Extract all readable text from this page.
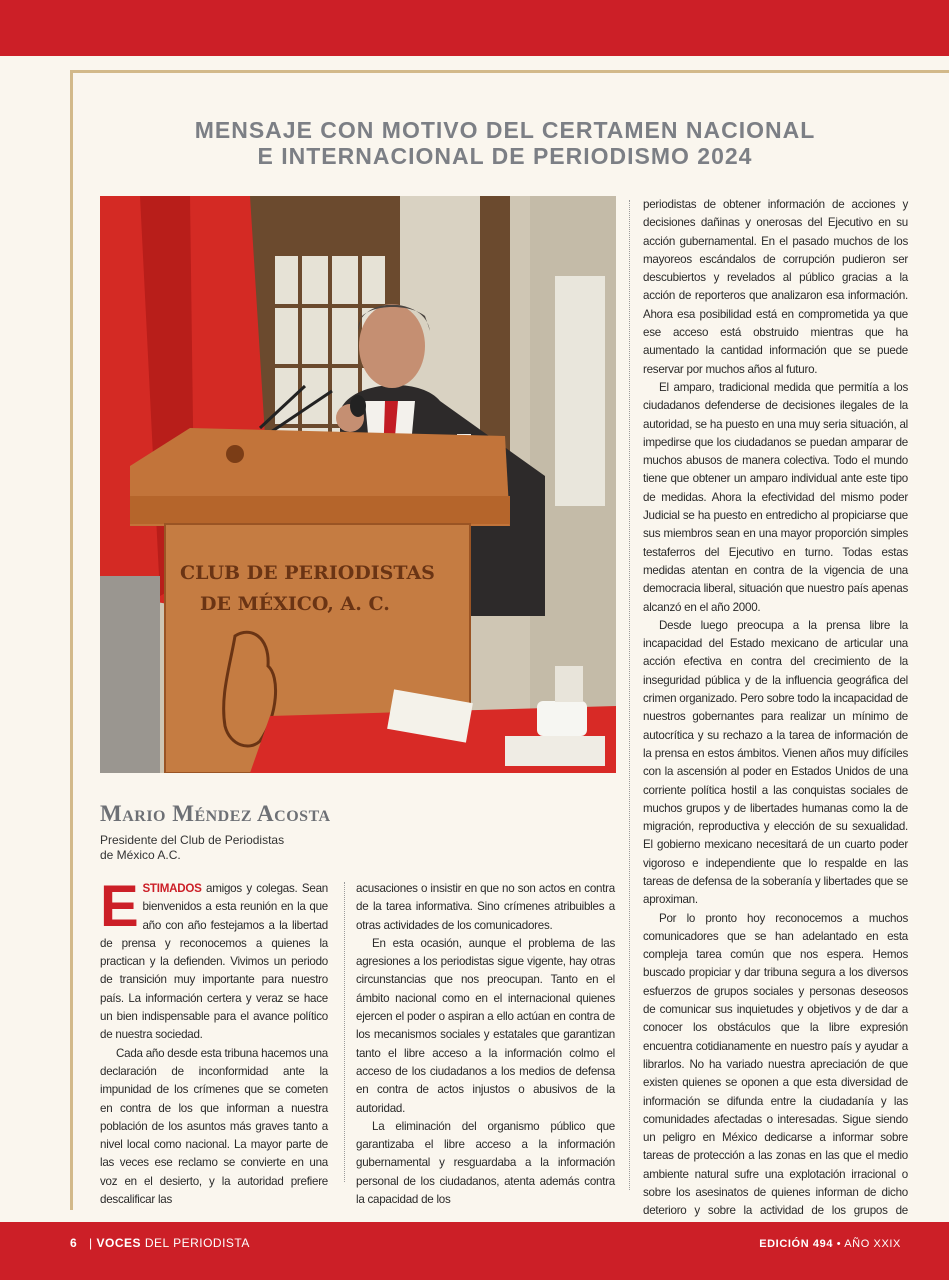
MENSAJE CON MOTIVO DEL CERTAMEN NACIONAL
E INTERNACIONAL DE PERIODISMO 2024
CLUB DE PERIODISTAS
DE MÉXICO, A. C.
Mario Méndez Acosta
Presidente del Club de Periodistas
de México A.C.

ESTIMADOS amigos y colegas. Sean bienvenidos a esta reunión en la que año con año festejamos a la libertad de prensa y reconocemos a quienes la practican y la defienden. Vivimos un periodo de transición muy importante para nuestro país. La información certera y veraz se hace un bien indispensable para el avance político de nuestra sociedad.

Cada año desde esta tribuna hacemos una declaración de inconformidad ante la impunidad de los crímenes que se cometen en contra de los que informan a nuestra población de los asuntos más graves tanto a nivel local como nacional. La mayor parte de las veces ese reclamo se convierte en una voz en el desierto, y la autoridad prefiere descalificar las

acusaciones o insistir en que no son actos en contra de la tarea informativa. Sino crímenes atribuibles a otras actividades de los comunicadores.

En esta ocasión, aunque el problema de las agresiones a los periodistas sigue vigente, hay otras circunstancias que nos preocupan. Tanto en el ámbito nacional como en el internacional quienes ejercen el poder o aspiran a ello actúan en contra de los mecanismos sociales y estatales que garantizan tanto el libre acceso a la información colmo el acceso de los ciudadanos a los medios de defensa en contra de actos injustos o abusivos de la autoridad.

La eliminación del organismo público que garantizaba el libre acceso a la información gubernamental y resguardaba a la información personal de los ciudadanos, atenta además contra la capacidad de los

periodistas de obtener información de acciones y decisiones dañinas y onerosas del Ejecutivo en su acción gubernamental. En el pasado muchos de los mayoreos escándalos de corrupción pudieron ser descubiertos y revelados al público gracias a la acción de reporteros que analizaron esa información. Ahora esa posibilidad está en comprometida ya que ese acceso está obstruido mientras que ha aumentado la cantidad información que se puede reservar por muchos años al futuro.

El amparo, tradicional medida que permitía a los ciudadanos defenderse de decisiones ilegales de la autoridad, se ha puesto en una muy seria situación, al impedirse que los ciudadanos se puedan amparar de muchos abusos de manera colectiva. Todo el mundo tiene que obtener un amparo individual ante este tipo de medidas. Ahora la efectividad del mismo poder Judicial se ha puesto en entredicho al propiciarse que sus miembros sean en una mayor proporción simples testaferros del Ejecutivo en turno. Todas estas medidas atentan en contra de la vigencia de una democracia liberal, situación que nuestro país apenas alcanzó en el año 2000.

Desde luego preocupa a la prensa libre la incapacidad del Estado mexicano de articular una acción efectiva en contra del crecimiento de la inseguridad pública y de la influencia geográfica del crimen organizado. Pero sobre todo la incapacidad de nuestros gobernantes para realizar un mínimo de autocrítica y su rechazo a la tarea de información de la prensa en estos ámbitos. Vienen años muy difíciles con la ascensión al poder en Estados Unidos de una corriente política hostil a las conquistas sociales de muchos grupos y de libertades humanas como la de migración, reproductiva y elección de su sexualidad. El gobierno mexicano necesitará de un cuarto poder vigoroso e independiente que lo respalde en las tareas de defensa de la soberanía y libertades que se aproximan.

Por lo pronto hoy reconocemos a muchos comunicadores que se han adelantado en esta compleja tarea común que nos espera. Hemos buscado propiciar y dar tribuna segura a los diversos esfuerzos de grupos sociales y personas deseosos de comunicar sus inquietudes y objetivos y de dar a conocer los obstáculos que la libre expresión encuentra cotidianamente en nuestro país y ayudar a librarlos. No ha variado nuestra apreciación de que existen quienes se oponen a que esta diversidad de información se difunda entre la ciudadanía y las comunidades afectadas o interesadas. Sigue siendo un peligro en México dedicarse a informar sobre tareas de protección a las zonas en las que el medio ambiente natural sufre una explotación irracional o sobre los asesinatos de quienes informan de dicho deterioro y sobre la actividad de los grupos de

6 | VOCES DEL PERIODISTA	EDICIÓN 494 • AÑO XXIX
